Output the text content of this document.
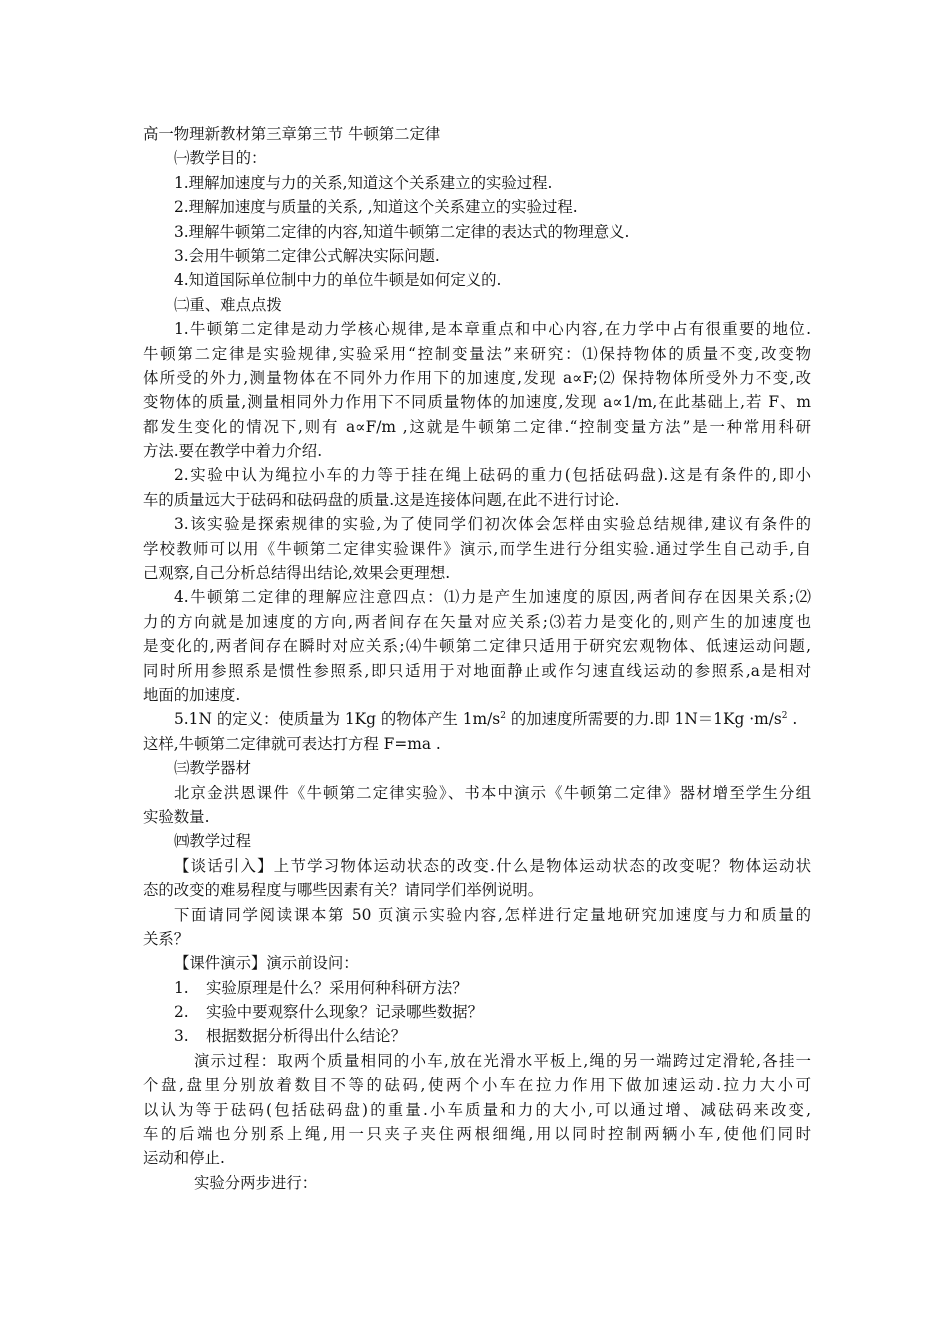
高一物理新教材第三章第三节 牛顿第二定律
㈠教学目的：
1.理解加速度与力的关系,知道这个关系建立的实验过程.
2.理解加速度与质量的关系, ,知道这个关系建立的实验过程.
3.理解牛顿第二定律的内容,知道牛顿第二定律的表达式的物理意义.
3.会用牛顿第二定律公式解决实际问题.
4.知道国际单位制中力的单位牛顿是如何定义的.
㈡重、难点点拨
1.牛顿第二定律是动力学核心规律,是本章重点和中心内容,在力学中占有很重要的地位.
牛顿第二定律是实验规律,实验采用“控制变量法”来研究：⑴保持物体的质量不变,改变物
体所受的外力,测量物体在不同外力作用下的加速度,发现 a∝F;⑵ 保持物体所受外力不变,改
变物体的质量,测量相同外力作用下不同质量物体的加速度,发现 a∝1/m,在此基础上,若 F、m
都发生变化的情况下,则有 a∝F/m ,这就是牛顿第二定律.“控制变量方法”是一种常用科研
方法.要在教学中着力介绍.
2.实验中认为绳拉小车的力等于挂在绳上砝码的重力(包括砝码盘).这是有条件的,即小
车的质量远大于砝码和砝码盘的质量.这是连接体问题,在此不进行讨论.
3.该实验是探索规律的实验,为了使同学们初次体会怎样由实验总结规律,建议有条件的
学校教师可以用《牛顿第二定律实验课件》演示,而学生进行分组实验.通过学生自己动手,自
己观察,自己分析总结得出结论,效果会更理想.
4.牛顿第二定律的理解应注意四点：⑴力是产生加速度的原因,两者间存在因果关系;⑵
力的方向就是加速度的方向,两者间存在矢量对应关系;⑶若力是变化的,则产生的加速度也
是变化的,两者间存在瞬时对应关系;⑷牛顿第二定律只适用于研究宏观物体、低速运动问题,
同时所用参照系是惯性参照系,即只适用于对地面静止或作匀速直线运动的参照系,a是相对
地面的加速度.
5.1N 的定义：使质量为 1Kg 的物体产生 $1m/s^2$ 的加速度所需要的力.即 $1N=1Kg \cdot m/s^2$ .
这样,牛顿第二定律就可表达打方程 F=ma .
㈢教学器材
北京金洪恩课件《牛顿第二定律实验》、书本中演示《牛顿第二定律》器材增至学生分组
实验数量.
㈣教学过程
【谈话引入】上节学习物体运动状态的改变.什么是物体运动状态的改变呢？物体运动状
态的改变的难易程度与哪些因素有关？请同学们举例说明。
下面请同学阅读课本第 50 页演示实验内容,怎样进行定量地研究加速度与力和质量的
关系？
【课件演示】演示前设问：
1. 实验原理是什么？采用何种科研方法？
2. 实验中要观察什么现象？记录哪些数据？
3. 根据数据分析得出什么结论？
演示过程：取两个质量相同的小车,放在光滑水平板上,绳的另一端跨过定滑轮,各挂一
个盘,盘里分别放着数目不等的砝码,使两个小车在拉力作用下做加速运动.拉力大小可
以认为等于砝码(包括砝码盘)的重量.小车质量和力的大小,可以通过增、减砝码来改变,
车的后端也分别系上绳,用一只夹子夹住两根细绳,用以同时控制两辆小车,使他们同时
运动和停止.
实验分两步进行：
